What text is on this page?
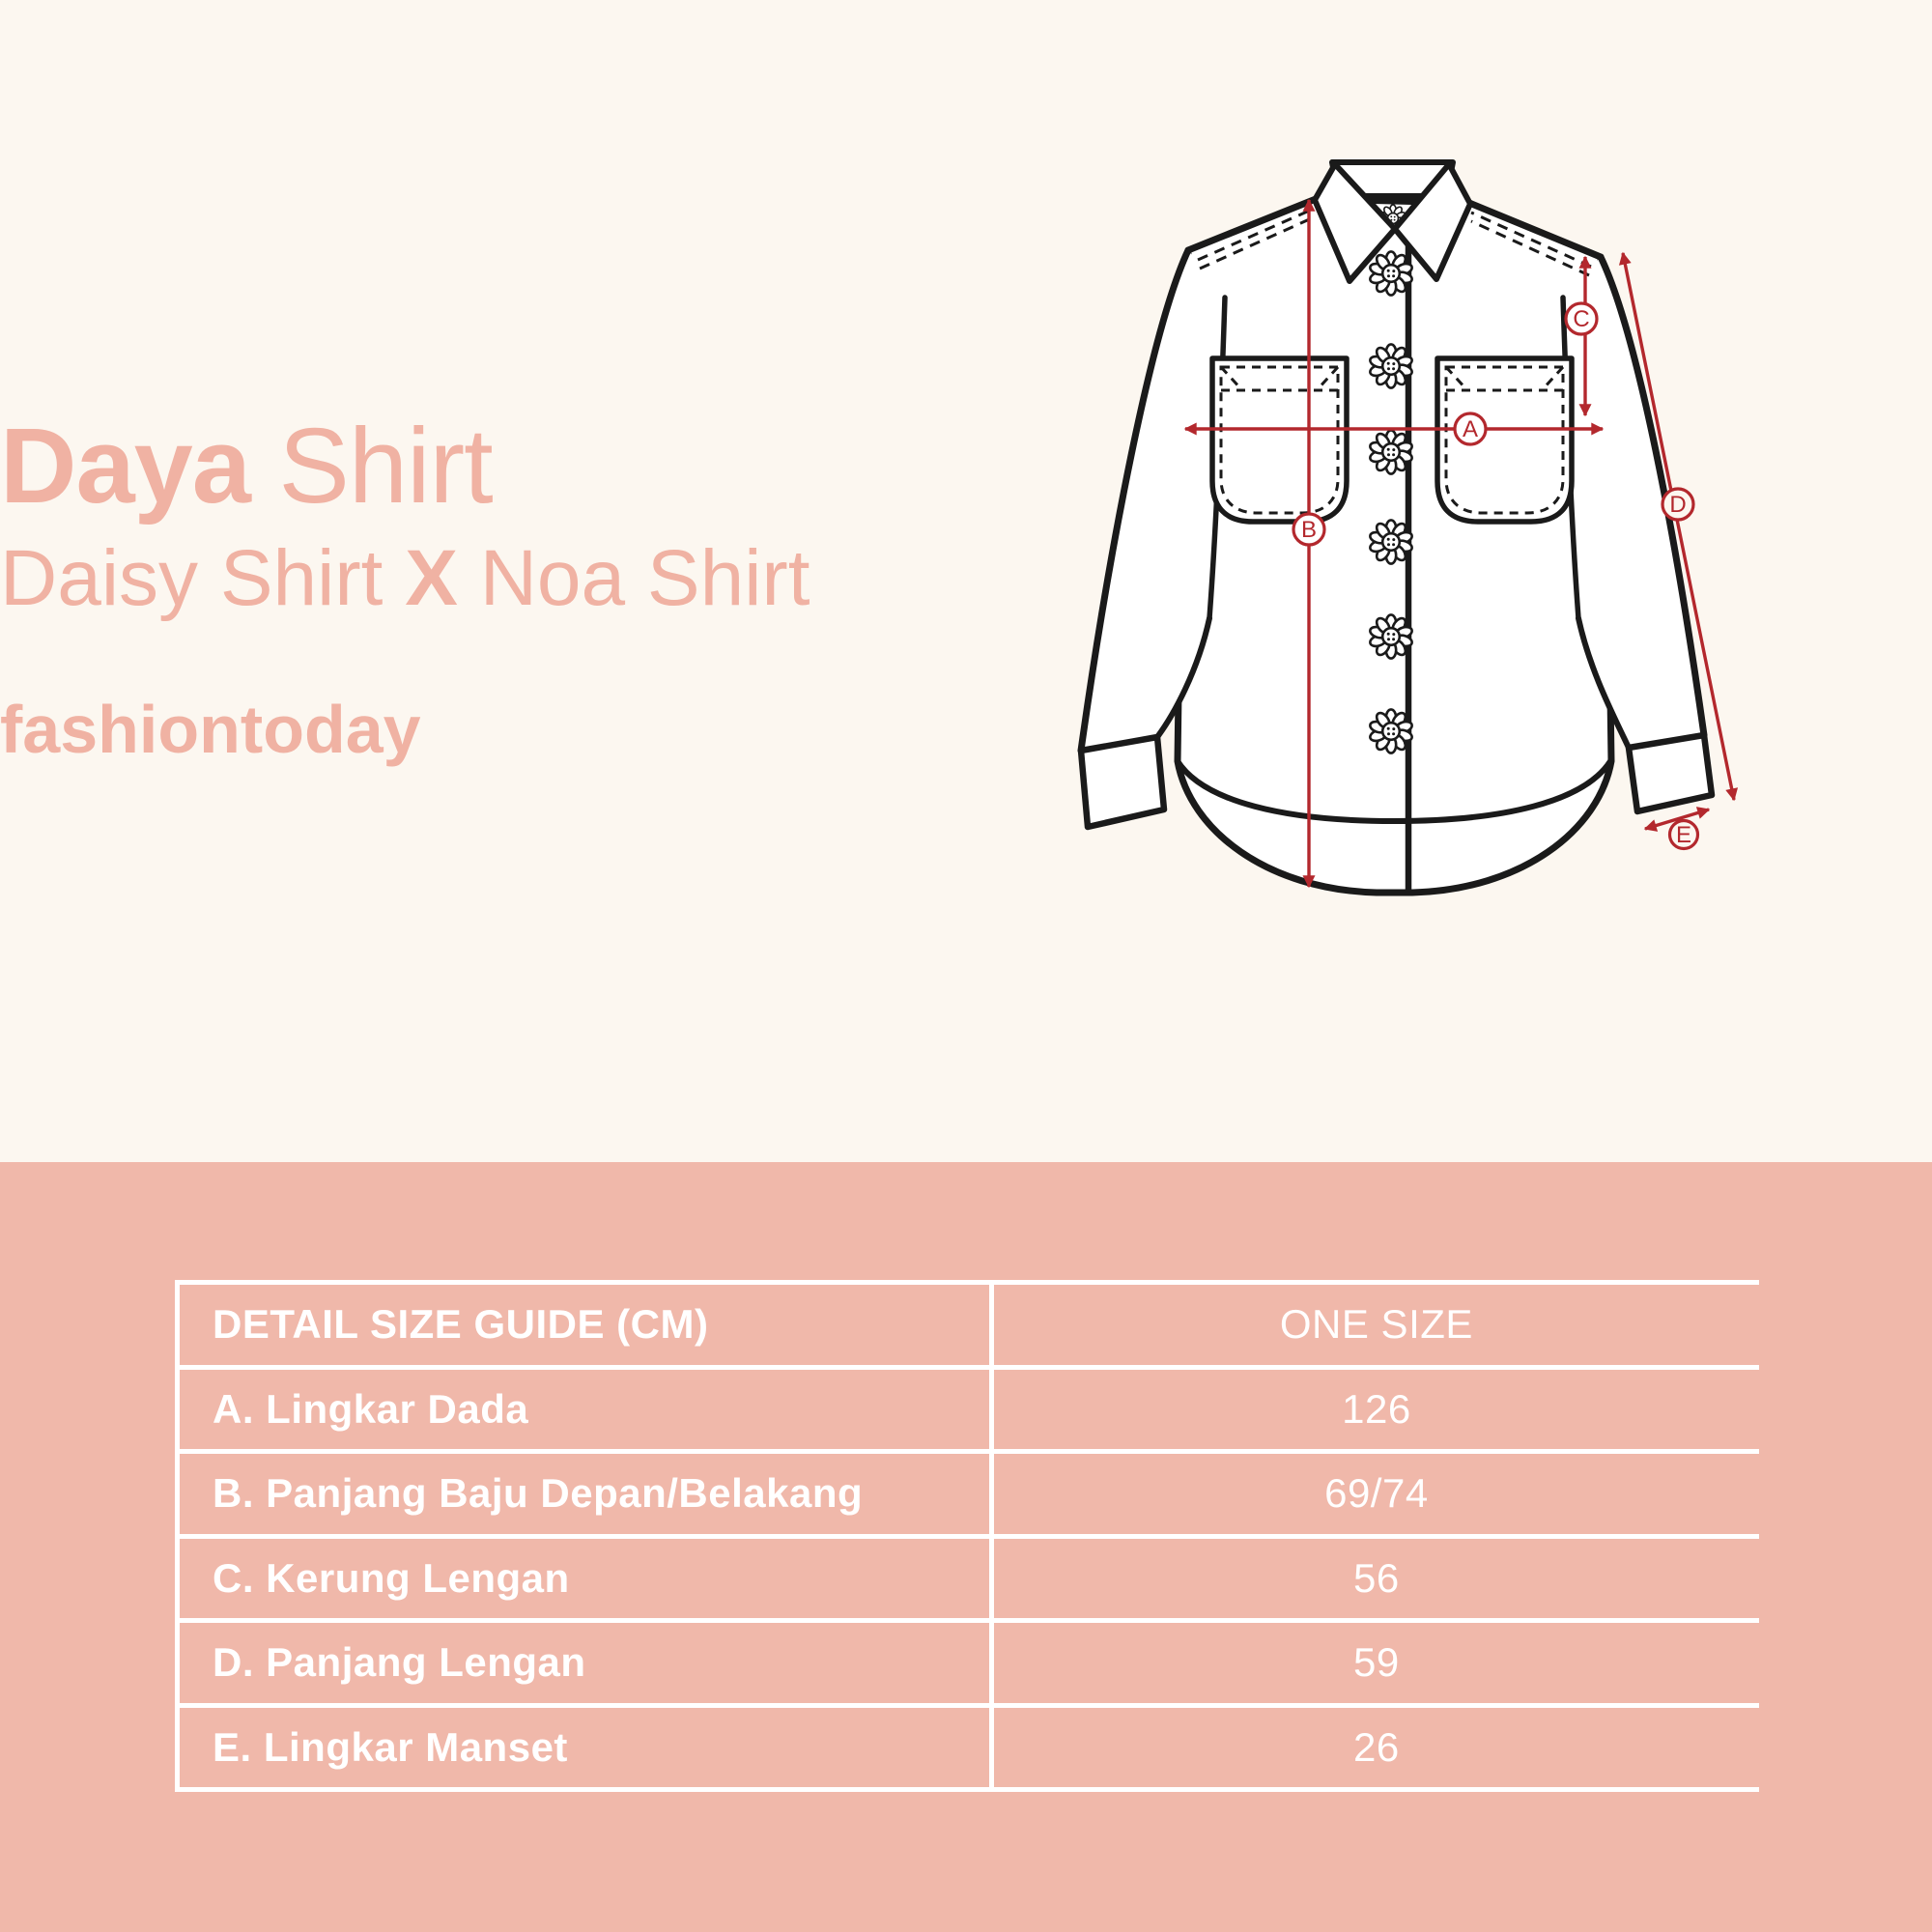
Daya Shirt
Daisy Shirt X Noa Shirt
fashiontoday
A
B
C
D
E
DETAIL SIZE GUIDE (CM)	ONE SIZE
A. Lingkar Dada	126
B. Panjang Baju Depan/Belakang	69/74
C. Kerung Lengan	56
D. Panjang Lengan	59
E. Lingkar Manset	26
